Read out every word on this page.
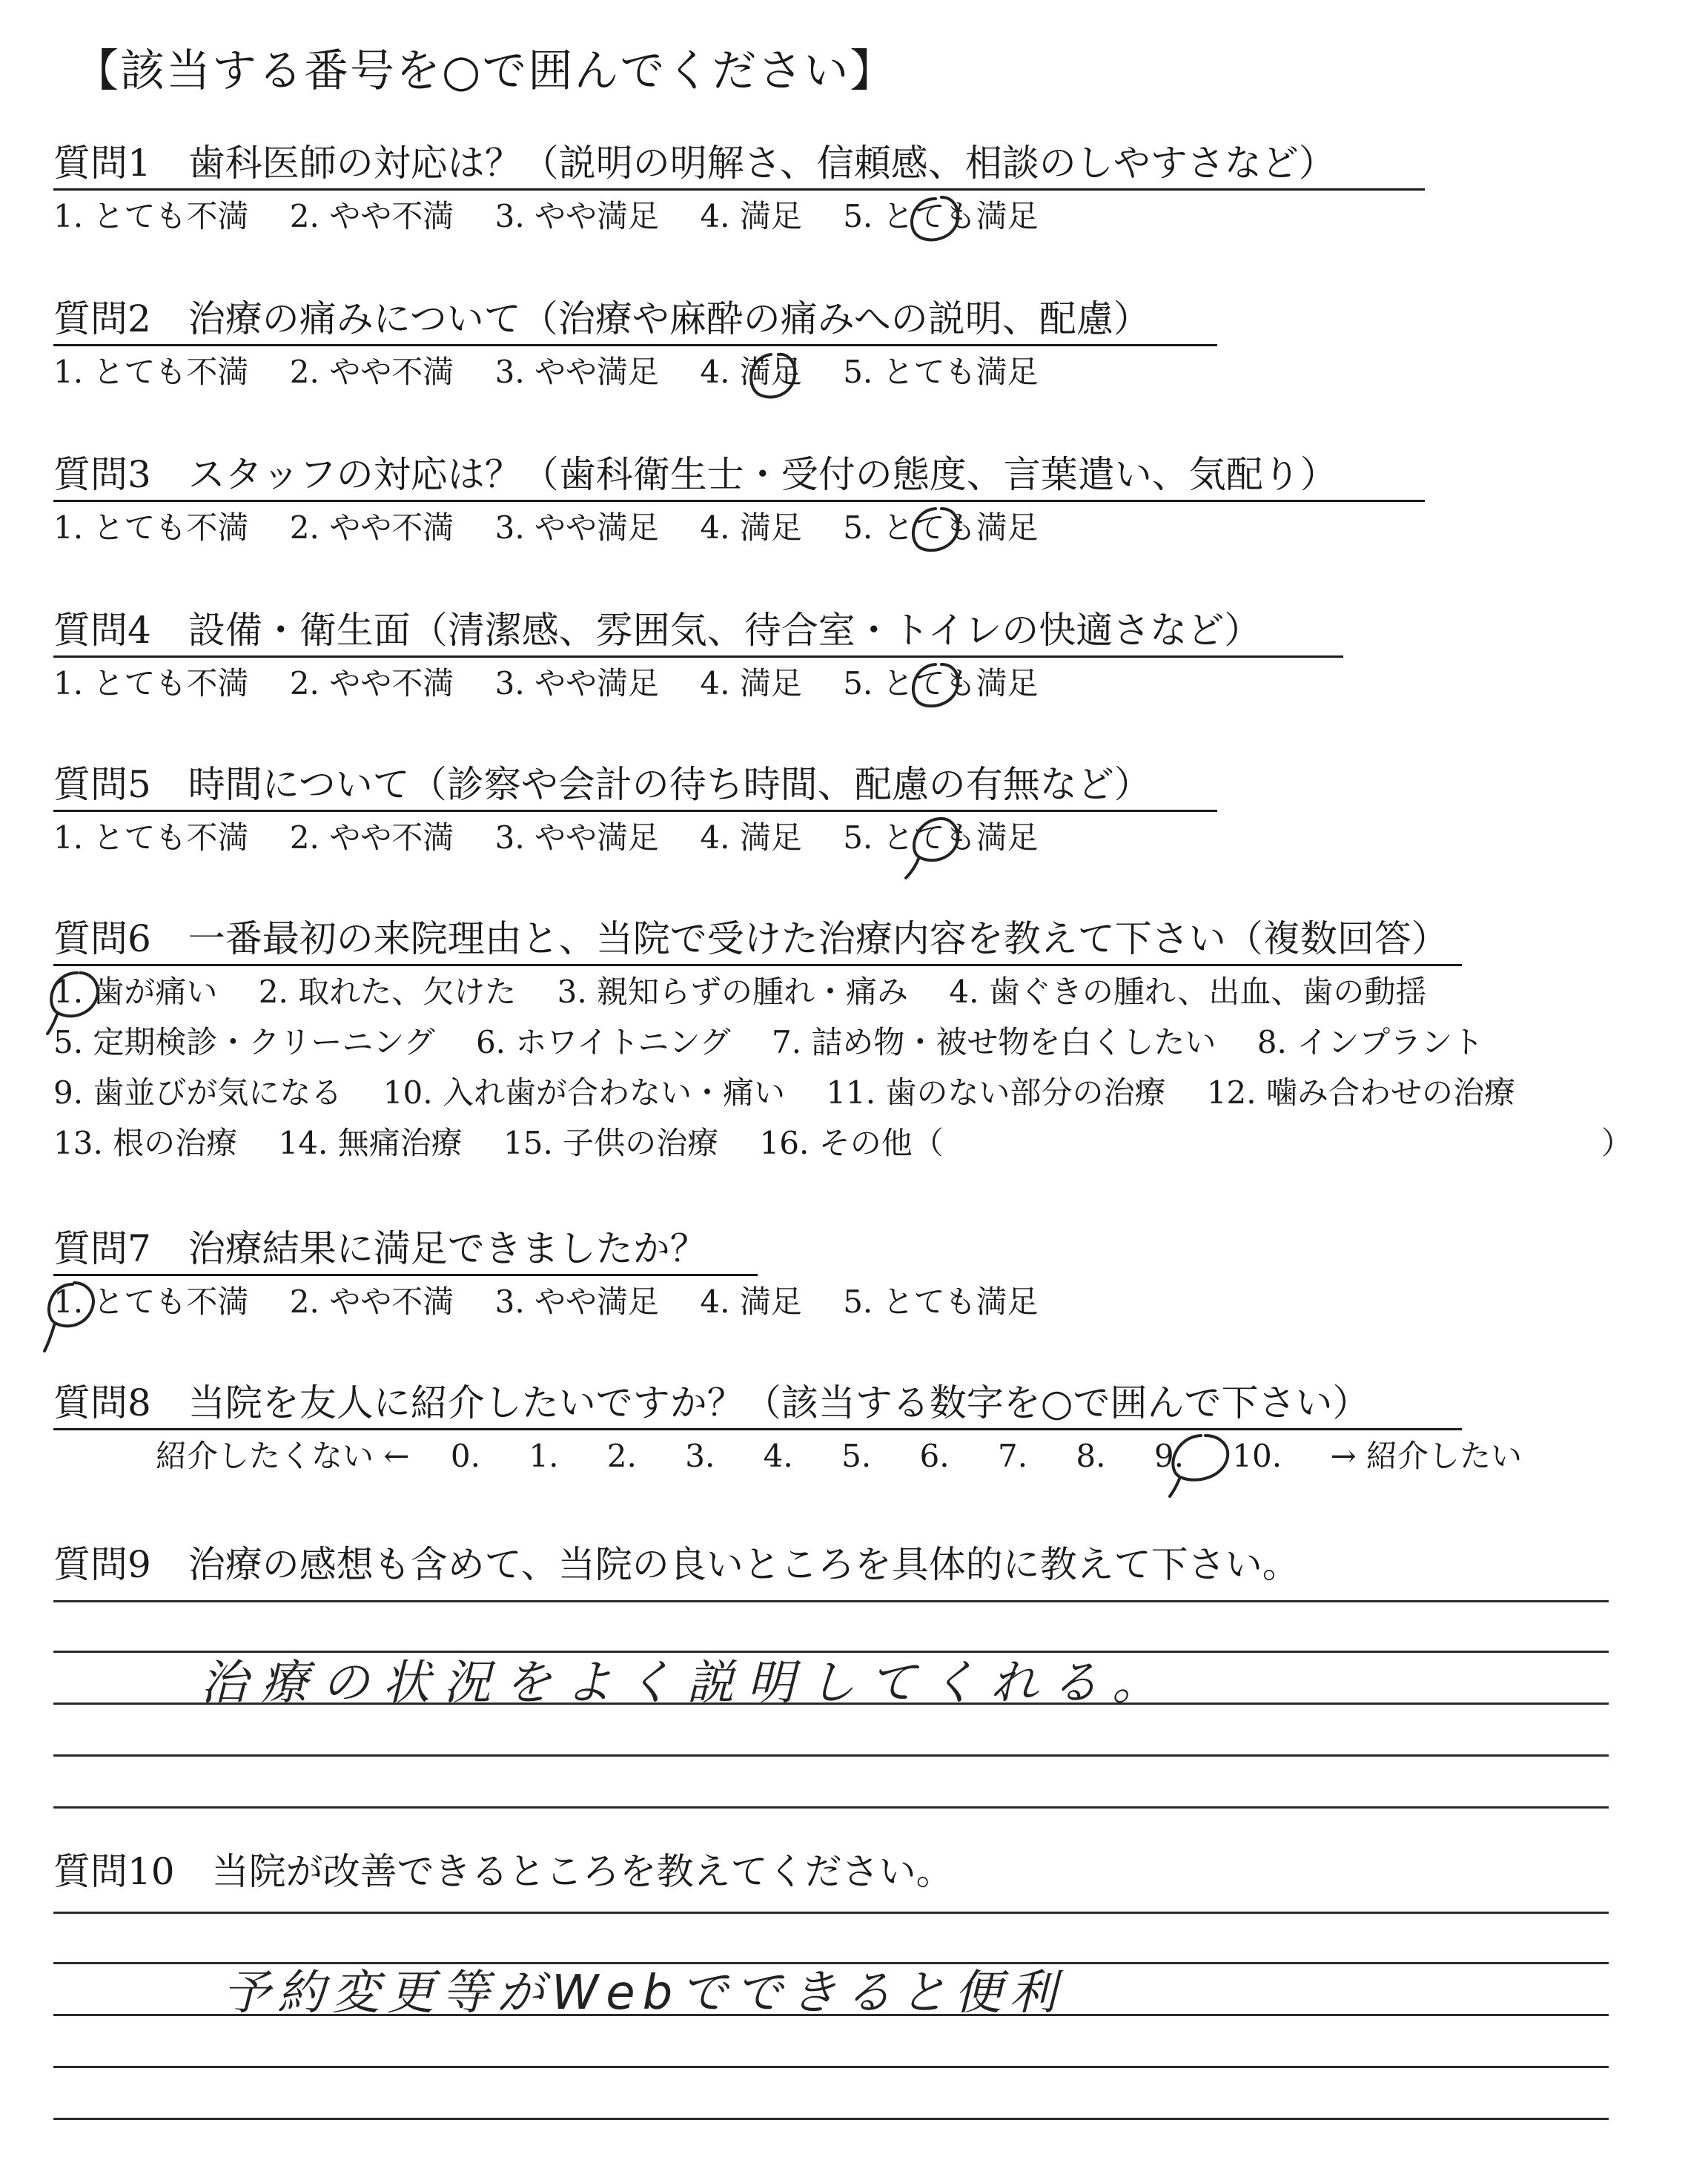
【該当する番号を○で囲んでください】
質問1　歯科医師の対応は？（説明の明解さ、信頼感、相談のしやすさなど）
1. とても不満 2. やや不満 3. やや満足 4. 満足 5. とても満足
質問2　治療の痛みについて（治療や麻酔の痛みへの説明、配慮）
1. とても不満 2. やや不満 3. やや満足 4. 満足 5. とても満足
質問3　スタッフの対応は？（歯科衛生士・受付の態度、言葉遣い、気配り）
1. とても不満 2. やや不満 3. やや満足 4. 満足 5. とても満足
質問4　設備・衛生面（清潔感、雰囲気、待合室・トイレの快適さなど）
1. とても不満 2. やや不満 3. やや満足 4. 満足 5. とても満足
質問5　時間について（診察や会計の待ち時間、配慮の有無など）
1. とても不満 2. やや不満 3. やや満足 4. 満足 5. とても満足
質問6　一番最初の来院理由と、当院で受けた治療内容を教えて下さい（複数回答）
1. 歯が痛い 2. 取れた、欠けた 3. 親知らずの腫れ・痛み 4. 歯ぐきの腫れ、出血、歯の動揺
5. 定期検診・クリーニング 6. ホワイトニング 7. 詰め物・被せ物を白くしたい 8. インプラント
9. 歯並びが気になる 10. 入れ歯が合わない・痛い 11. 歯のない部分の治療 12. 噛み合わせの治療
13. 根の治療 14. 無痛治療 15. 子供の治療 16. その他（	）
質問7　治療結果に満足できましたか？
1. とても不満 2. やや不満 3. やや満足 4. 満足 5. とても満足
質問8　当院を友人に紹介したいですか？（該当する数字を○で囲んで下さい）
紹介したくない ← 0. 1. 2. 3. 4. 5. 6. 7. 8. 9. 10. → 紹介したい
質問9　治療の感想も含めて、当院の良いところを具体的に教えて下さい。
治療の状況をよく説明してくれる。
質問10　当院が改善できるところを教えてください。
予約変更等がWebでできると便利
